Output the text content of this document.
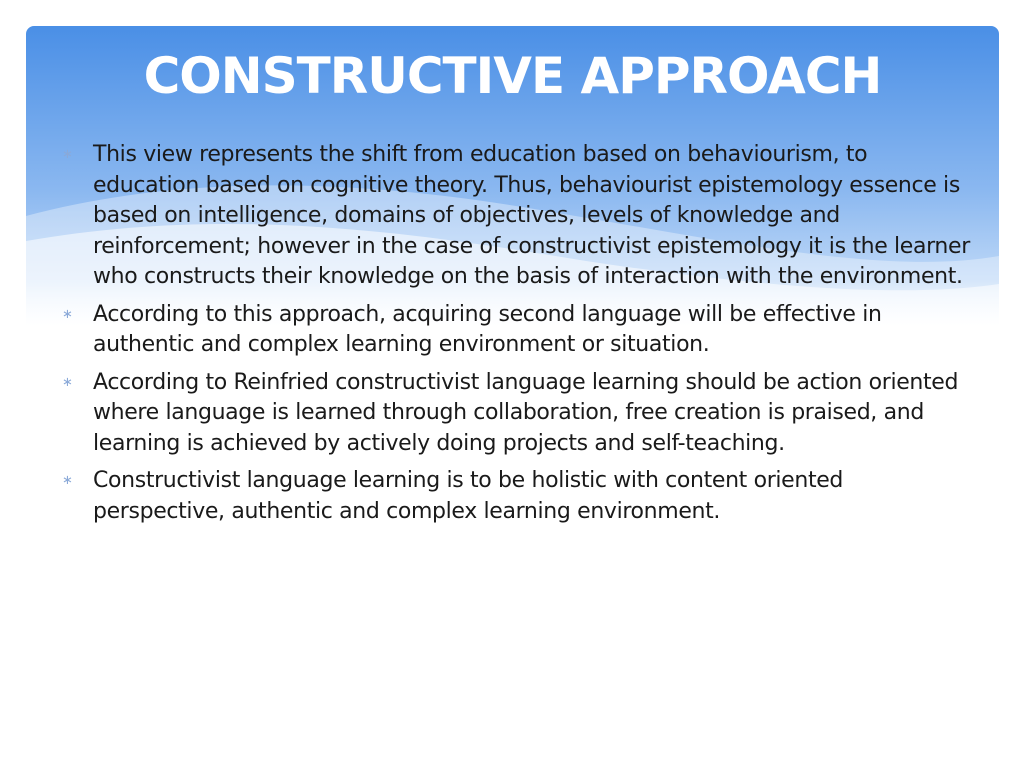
CONSTRUCTIVE APPROACH
∗ This view represents the shift from education based on behaviourism, to education based on cognitive theory. Thus, behaviourist epistemology essence is based on intelligence, domains of objectives, levels of knowledge and reinforcement; however in the case of constructivist epistemology it is the learner who constructs their knowledge on the basis of interaction with the environment.
∗ According to this approach, acquiring second language will be effective in authentic and complex learning environment or situation.
∗ According to Reinfried constructivist language learning should be action oriented where language is learned through collaboration, free creation is praised, and learning is achieved by actively doing projects and self-teaching.
∗ Constructivist language learning is to be holistic with content oriented perspective, authentic and complex learning environment.
